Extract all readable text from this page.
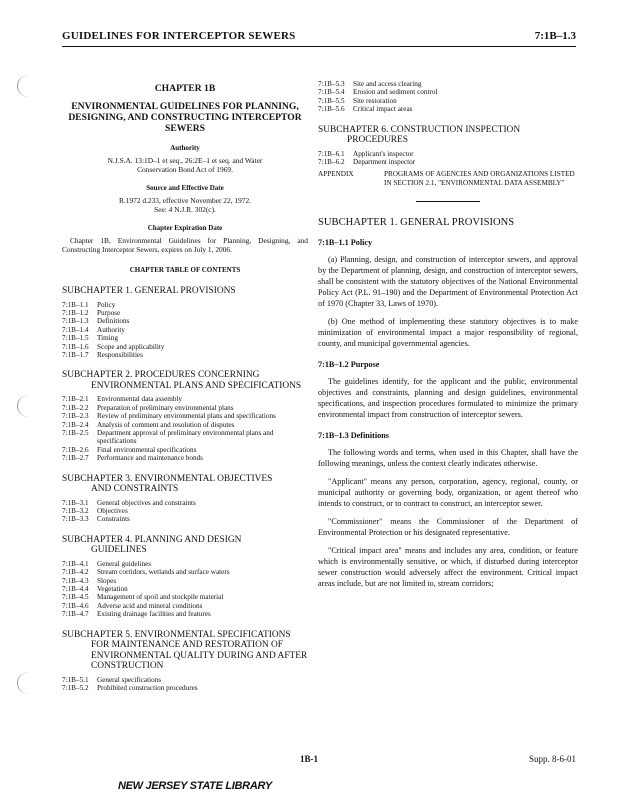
GUIDELINES FOR INTERCEPTOR SEWERS	7:1B–1.3
CHAPTER 1B
ENVIRONMENTAL GUIDELINES FOR PLANNING, DESIGNING, AND CONSTRUCTING INTERCEPTOR SEWERS
Authority
N.J.S.A. 13:1D–1 et seq., 26:2E–1 et seq. and Water Conservation Bond Act of 1969.
Source and Effective Date
R.1972 d.233, effective November 22, 1972.
See: 4 N.J.R. 302(c).
Chapter Expiration Date
Chapter 1B, Environmental Guidelines for Planning, Designing, and Constructing Interceptor Sewers, expires on July 1, 2006.
CHAPTER TABLE OF CONTENTS
SUBCHAPTER 1. GENERAL PROVISIONS
7:1B–1.1	Policy
7:1B–1.2	Purpose
7:1B–1.3	Definitions
7:1B–1.4	Authority
7:1B–1.5	Timing
7:1B–1.6	Scope and applicability
7:1B–1.7	Responsibilities
SUBCHAPTER 2. PROCEDURES CONCERNING
ENVIRONMENTAL PLANS AND SPECIFICATIONS
7:1B–2.1	Environmental data assembly
7:1B–2.2	Preparation of preliminary environmental plans
7:1B–2.3	Review of preliminary environmental plans and specifications
7:1B–2.4	Analysis of comment and resolution of disputes
7:1B–2.5	Department approval of preliminary environmental plans and specifications
7:1B–2.6	Final environmental specifications
7:1B–2.7	Performance and maintenance bonds
SUBCHAPTER 3. ENVIRONMENTAL OBJECTIVES
AND CONSTRAINTS
7:1B–3.1	General objectives and constraints
7:1B–3.2	Objectives
7:1B–3.3	Constraints
SUBCHAPTER 4. PLANNING AND DESIGN
GUIDELINES
7:1B–4.1	General guidelines
7:1B–4.2	Stream corridors, wetlands and surface waters
7:1B–4.3	Slopes
7:1B–4.4	Vegetation
7:1B–4.5	Management of spoil and stockpile material
7:1B–4.6	Adverse acid and mineral conditions
7:1B–4.7	Existing drainage facilities and features
SUBCHAPTER 5. ENVIRONMENTAL SPECIFICATIONS
FOR MAINTENANCE AND RESTORATION OF ENVIRONMENTAL QUALITY DURING AND AFTER CONSTRUCTION
7:1B–5.1	General specifications
7:1B–5.2	Prohibited construction procedures
7:1B–5.3	Site and access clearing
7:1B–5.4	Erosion and sediment control
7:1B–5.5	Site restoration
7:1B–5.6	Critical impact areas
SUBCHAPTER 6. CONSTRUCTION INSPECTION
PROCEDURES
7:1B–6.1	Applicant's inspector
7:1B–6.2	Department inspector
APPENDIX	PROGRAMS OF AGENCIES AND ORGANIZATIONS LISTED IN SECTION 2.1, "ENVIRONMENTAL DATA ASSEMBLY"
SUBCHAPTER 1. GENERAL PROVISIONS
7:1B–1.1 Policy
(a) Planning, design, and construction of interceptor sewers, and approval by the Department of planning, design, and construction of interceptor sewers, shall be consistent with the statutory objectives of the National Environmental Policy Act (P.L. 91–190) and the Department of Environmental Protection Act of 1970 (Chapter 33, Laws of 1970).
(b) One method of implementing these statutory objectives is to make minimization of environmental impact a major responsibility of regional, county, and municipal governmental agencies.
7:1B–1.2 Purpose
The guidelines identify, for the applicant and the public, environmental objectives and constraints, planning and design guidelines, environmental specifications, and inspection procedures formulated to minimize the primary environmental impact from construction of interceptor sewers.
7:1B–1.3 Definitions
The following words and terms, when used in this Chapter, shall have the following meanings, unless the context clearly indicates otherwise.
"Applicant" means any person, corporation, agency, regional, county, or municipal authority or governing body, organization, or agent thereof who intends to construct, or to contract to construct, an interceptor sewer.
"Commissioner" means the Commissioner of the Department of Environmental Protection or his designated representative.
"Critical impact area" means and includes any area, condition, or feature which is environmentally sensitive, or which, if disturbed during interceptor sewer construction would adversely affect the environment. Critical impact areas include, but are not limited to, stream corridors;
1B-1	Supp. 8-6-01
NEW JERSEY STATE LIBRARY
